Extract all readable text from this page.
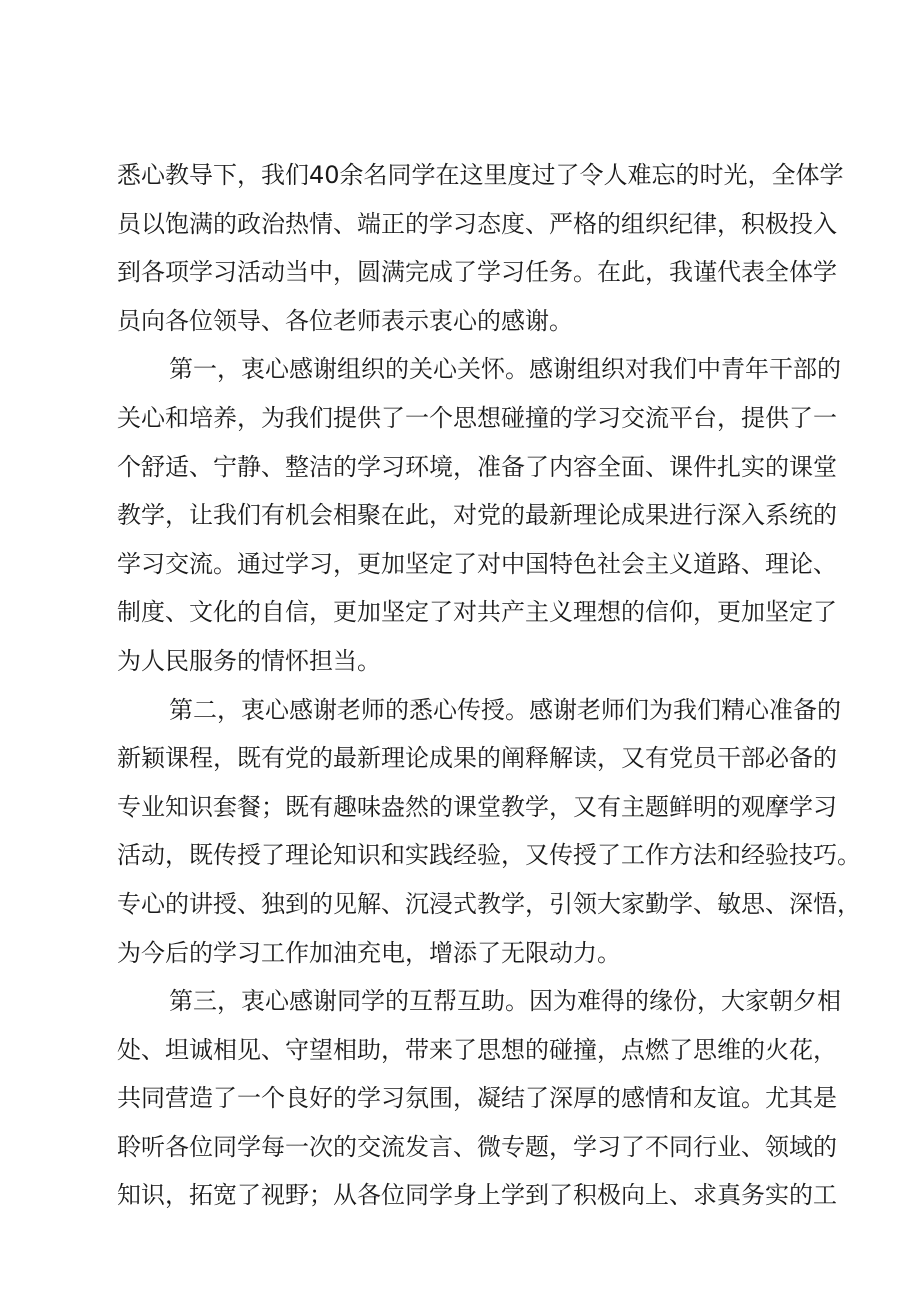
悉心教导下，我们40余名同学在这里度过了令人难忘的时光，全体学
员以饱满的政治热情、端正的学习态度、严格的组织纪律，积极投入
到各项学习活动当中，圆满完成了学习任务。在此，我谨代表全体学
员向各位领导、各位老师表示衷心的感谢。
第一，衷心感谢组织的关心关怀。感谢组织对我们中青年干部的
关心和培养，为我们提供了一个思想碰撞的学习交流平台，提供了一
个舒适、宁静、整洁的学习环境，准备了内容全面、课件扎实的课堂
教学，让我们有机会相聚在此，对党的最新理论成果进行深入系统的
学习交流。通过学习，更加坚定了对中国特色社会主义道路、理论、
制度、文化的自信，更加坚定了对共产主义理想的信仰，更加坚定了
为人民服务的情怀担当。
第二，衷心感谢老师的悉心传授。感谢老师们为我们精心准备的
新颖课程，既有党的最新理论成果的阐释解读，又有党员干部必备的
专业知识套餐；既有趣味盎然的课堂教学，又有主题鲜明的观摩学习
活动，既传授了理论知识和实践经验，又传授了工作方法和经验技巧。
专心的讲授、独到的见解、沉浸式教学，引领大家勤学、敏思、深悟，
为今后的学习工作加油充电，增添了无限动力。
第三，衷心感谢同学的互帮互助。因为难得的缘份，大家朝夕相
处、坦诚相见、守望相助，带来了思想的碰撞，点燃了思维的火花，
共同营造了一个良好的学习氛围，凝结了深厚的感情和友谊。尤其是
聆听各位同学每一次的交流发言、微专题，学习了不同行业、领域的
知识，拓宽了视野；从各位同学身上学到了积极向上、求真务实的工
